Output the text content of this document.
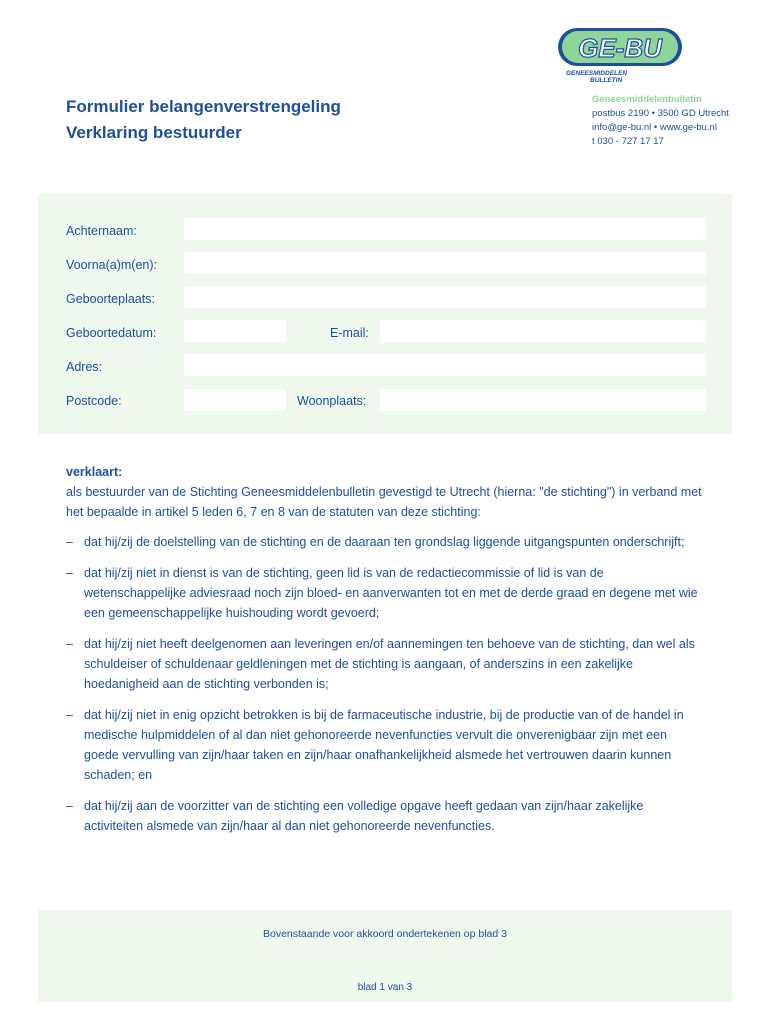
GE-BU
GENEESMIDDELEN
BULLETIN
Formulier belangenverstrengeling
Verklaring bestuurder
Geneesmiddelenbulletin
postbus 2190 • 3500 GD Utrecht
info@ge-bu.nl • www.ge-bu.nl
t 030 - 727 17 17
Achternaam:
Voorna(a)m(en):
Geboorteplaats:
Geboortedatum:	E-mail:
Adres:
Postcode:	Woonplaats:
verklaart:

als bestuurder van de Stichting Geneesmiddelenbulletin gevestigd te Utrecht (hierna: "de stichting") in verband met het bepaalde in artikel 5 leden 6, 7 en 8 van de statuten van deze stichting:

– dat hij/zij de doelstelling van de stichting en de daaraan ten grondslag liggende uitgangspunten onderschrijft;
– dat hij/zij niet in dienst is van de stichting, geen lid is van de redactiecommissie of lid is van de wetenschappelijke adviesraad noch zijn bloed- en aanverwanten tot en met de derde graad en degene met wie een gemeenschappelijke huishouding wordt gevoerd;
– dat hij/zij niet heeft deelgenomen aan leveringen en/of aannemingen ten behoeve van de stichting, dan wel als schuldeiser of schuldenaar geldleningen met de stichting is aangaan, of anderszins in een zakelijke hoedanigheid aan de stichting verbonden is;
– dat hij/zij niet in enig opzicht betrokken is bij de farmaceutische industrie, bij de productie van of de handel in medische hulpmiddelen of al dan niet gehonoreerde nevenfuncties vervult die onverenigbaar zijn met een goede vervulling van zijn/haar taken en zijn/haar onafhankelijkheid alsmede het vertrouwen daarin kunnen schaden; en
– dat hij/zij aan de voorzitter van de stichting een volledige opgave heeft gedaan van zijn/haar zakelijke activiteiten alsmede van zijn/haar al dan niet gehonoreerde nevenfuncties.
Bovenstaande voor akkoord ondertekenen op blad 3
blad 1 van 3
